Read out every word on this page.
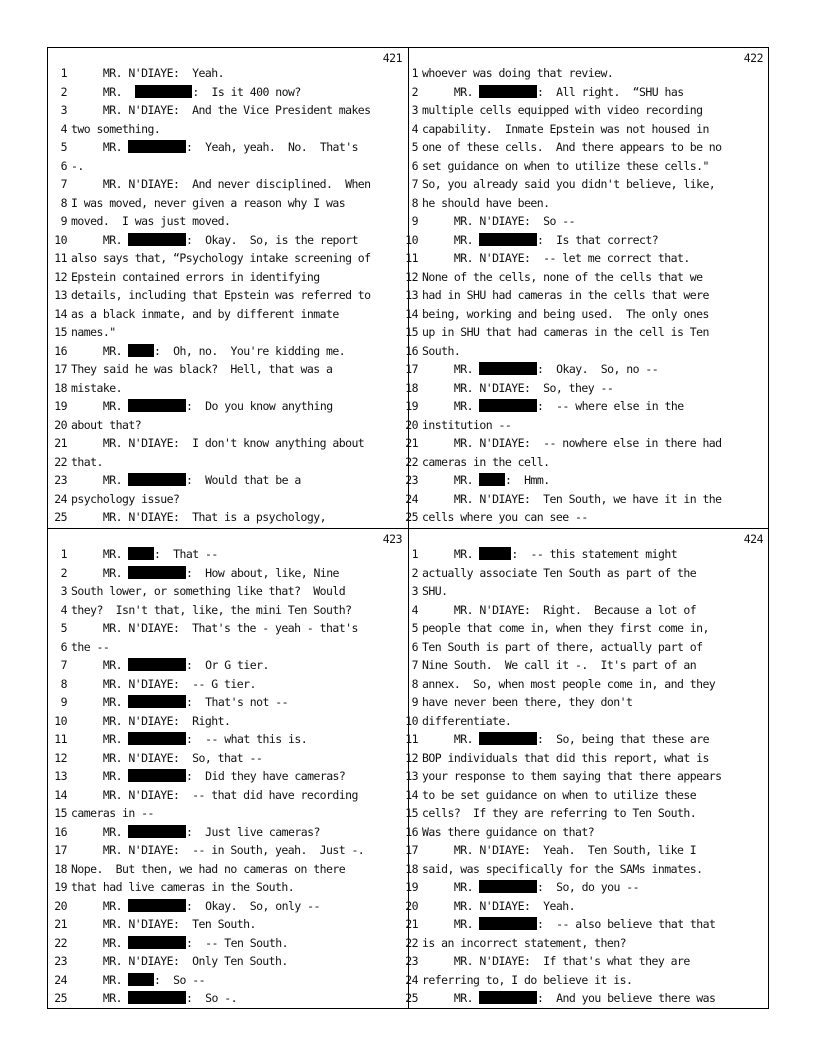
421
1 MR. N'DIAYE:  Yeah.
2 MR.	:  Is it 400 now?
3 MR. N'DIAYE:  And the Vice President makes
4 two something.
5 MR.	:  Yeah, yeah.  No.  That's
6 -.
7 MR. N'DIAYE:  And never disciplined.  When
8 I was moved, never given a reason why I was
9 moved.  I was just moved.
10 MR.	:  Okay.  So, is the report
11 also says that, “Psychology intake screening of
12 Epstein contained errors in identifying
13 details, including that Epstein was referred to
14 as a black inmate, and by different inmate
15 names."
16 MR. :  Oh, no.  You're kidding me.
17 They said he was black?  Hell, that was a
18 mistake.
19 MR.	:  Do you know anything
20 about that?
21 MR. N'DIAYE:  I don't know anything about
22 that.
23 MR.	:  Would that be a
24 psychology issue?
25 MR. N'DIAYE:  That is a psychology,
422
1 whoever was doing that review.
2 MR.	:  All right.  “SHU has
3 multiple cells equipped with video recording
4 capability.  Inmate Epstein was not housed in
5 one of these cells.  And there appears to be no
6 set guidance on when to utilize these cells."
7 So, you already said you didn't believe, like,
8 he should have been.
9 MR. N'DIAYE:  So --
10 MR.	:  Is that correct?
11 MR. N'DIAYE:  -- let me correct that.
12 None of the cells, none of the cells that we
13 had in SHU had cameras in the cells that were
14 being, working and being used.  The only ones
15 up in SHU that had cameras in the cell is Ten
16 South.
17 MR.	:  Okay.  So, no --
18 MR. N'DIAYE:  So, they --
19 MR.	:  -- where else in the
20 institution --
21 MR. N'DIAYE:  -- nowhere else in there had
22 cameras in the cell.
23 MR. :  Hmm.
24 MR. N'DIAYE:  Ten South, we have it in the
25 cells where you can see --
423
1 MR. :  That --
2 MR.	:  How about, like, Nine
3 South lower, or something like that?  Would
4 they?  Isn't that, like, the mini Ten South?
5 MR. N'DIAYE:  That's the - yeah - that's
6 the --
7 MR.	:  Or G tier.
8 MR. N'DIAYE:  -- G tier.
9 MR.	:  That's not --
10 MR. N'DIAYE:  Right.
11 MR.	:  -- what this is.
12 MR. N'DIAYE:  So, that --
13 MR.	:  Did they have cameras?
14 MR. N'DIAYE:  -- that did have recording
15 cameras in --
16 MR.	:  Just live cameras?
17 MR. N'DIAYE:  -- in South, yeah.  Just -.
18 Nope.  But then, we had no cameras on there
19 that had live cameras in the South.
20 MR.	:  Okay.  So, only --
21 MR. N'DIAYE:  Ten South.
22 MR.	:  -- Ten South.
23 MR. N'DIAYE:  Only Ten South.
24 MR. :  So --
25 MR.	:  So -.
424
1 MR.	:  -- this statement might
2 actually associate Ten South as part of the
3 SHU.
4 MR. N'DIAYE:  Right.  Because a lot of
5 people that come in, when they first come in,
6 Ten South is part of there, actually part of
7 Nine South.  We call it -.  It's part of an
8 annex.  So, when most people come in, and they
9 have never been there, they don't
10 differentiate.
11 MR.	:  So, being that these are
12 BOP individuals that did this report, what is
13 your response to them saying that there appears
14 to be set guidance on when to utilize these
15 cells?  If they are referring to Ten South.
16 Was there guidance on that?
17 MR. N'DIAYE:  Yeah.  Ten South, like I
18 said, was specifically for the SAMs inmates.
19 MR.	:  So, do you --
20 MR. N'DIAYE:  Yeah.
21 MR.	:  -- also believe that that
22 is an incorrect statement, then?
23 MR. N'DIAYE:  If that's what they are
24 referring to, I do believe it is.
25 MR.	:  And you believe there was
